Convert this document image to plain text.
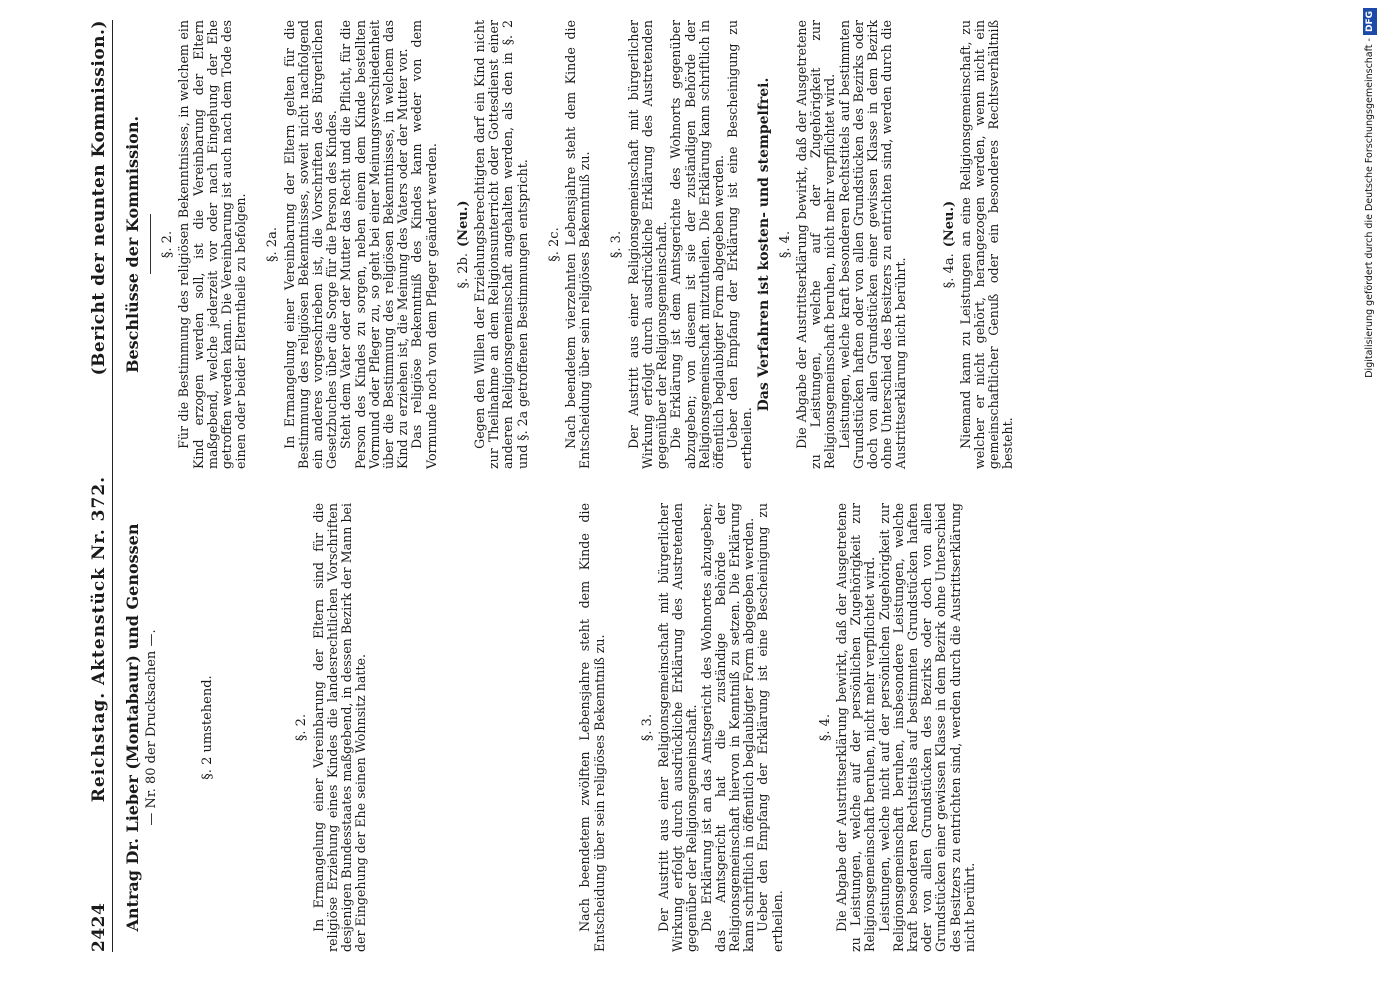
2424
Reichstag. Aktenstück Nr. 372.
(Bericht der neunten Kommission.)
Antrag Dr. Lieber (Montabaur) und Genossen — Nr. 80 der Drucksachen —.	§. 2 umstehend.	§. 2. In Ermangelung einer Vereinbarung der Eltern sind für die religiöse Erziehung eines Kindes die landesrechtlichen Vorschriften desjenigen Bundesstaates maßgebend, in dessen Bezirk der Mann bei der Eingehung der Ehe seinen Wohnsitz hatte.	Nach beendetem zwölften Lebensjahre steht dem Kinde die Entscheidung über sein religiöses Bekenntniß zu.	§. 3. Der Austritt aus einer Religionsgemeinschaft mit bürgerlicher Wirkung erfolgt durch ausdrückliche Erklärung des Austretenden gegenüber der Religionsgemeinschaft. Die Erklärung ist an das Amtsgericht des Wohnortes abzugeben; das Amtsgericht hat die zuständige Behörde der Religionsgemeinschaft hiervon in Kenntniß zu setzen. Die Erklärung kann schriftlich in öffentlich beglaubigter Form abgegeben werden. Ueber den Empfang der Erklärung ist eine Bescheinigung zu ertheilen.

§. 4. Die Abgabe der Austrittserklärung bewirkt, daß der Ausgetretene zu Leistungen, welche auf der persönlichen Zugehörigkeit zur Religionsgemeinschaft beruhen, nicht mehr verpflichtet wird. Leistungen, welche nicht auf der persönlichen Zugehörigkeit zur Religionsgemeinschaft beruhen, insbesondere Leistungen, welche kraft besonderen Rechtstitels auf bestimmten Grundstücken haften oder von allen Grundstücken des Bezirks oder doch von allen Grundstücken einer gewissen Klasse in dem Bezirk ohne Unterschied des Besitzers zu entrichten sind, werden durch die Austrittserklärung nicht berührt.

Beschlüsse der Kommission. §. 2. Für die Bestimmung des religiösen Bekenntnisses, in welchem ein Kind erzogen werden soll, ist die Vereinbarung der Eltern maßgebend, welche jederzeit vor oder nach Eingehung der Ehe getroffen werden kann. Die Vereinbarung ist auch nach dem Tode des einen oder beider Elterntheile zu befolgen. §. 2a. In Ermangelung einer Vereinbarung der Eltern gelten für die Bestimmung des religiösen Bekenntnisses, soweit nicht nachfolgend ein anderes vorgeschrieben ist, die Vorschriften des Bürgerlichen Gesetzbuches über die Sorge für die Person des Kindes. Steht dem Vater oder der Mutter das Recht und die Pflicht, für die Person des Kindes zu sorgen, neben einem dem Kinde bestellten Vormund oder Pfleger zu, so geht bei einer Meinungsverschiedenheit über die Bestimmung des religiösen Bekenntnisses, in welchem das Kind zu erziehen ist, die Meinung des Vaters oder der Mutter vor. Das religiöse Bekenntniß des Kindes kann weder von dem Vormunde noch von dem Pfleger geändert werden. §. 2b.(Neu.) Gegen den Willen der Erziehungsberechtigten darf ein Kind nicht zur Theilnahme an dem Religionsunterricht oder Gottesdienst einer anderen Religionsgemeinschaft angehalten werden, als den in §. 2 und §. 2a getroffenen Bestimmungen entspricht. §. 2c. Nach beendetem vierzehnten Lebensjahre steht dem Kinde die Entscheidung über sein religiöses Bekenntniß zu. §. 3. Der Austritt aus einer Religionsgemeinschaft mit bürgerlicher Wirkung erfolgt durch ausdrückliche Erklärung des Austretenden gegenüber der Religionsgemeinschaft. Die Erklärung ist dem Amtsgerichte des Wohnorts gegenüber abzugeben; von diesem ist sie der zuständigen Behörde der Religionsgemeinschaft mitzutheilen. Die Erklärung kann schriftlich in öffentlich beglaubigter Form abgegeben werden. Ueber den Empfang der Erklärung ist eine Bescheinigung zu ertheilen.

Das Verfahren ist kosten- und stempelfrei. §. 4. Die Abgabe der Austrittserklärung bewirkt, daß der Ausgetretene zu Leistungen, welche auf der Zugehörigkeit zur Religionsgemeinschaft beruhen, nicht mehr verpflichtet wird. Leistungen, welche kraft besonderen Rechtstitels auf bestimmten Grundstücken haften oder von allen Grundstücken des Bezirks oder doch von allen Grundstücken einer gewissen Klasse in dem Bezirk ohne Unterschied des Besitzers zu entrichten sind, werden durch die Austrittserklärung nicht berührt.	§. 4a.(Neu.) Niemand kann zu Leistungen an eine Religionsgemeinschaft, zu welcher er nicht gehört, herangezogen werden, wenn nicht ein gemeinschaftlicher Genuß oder ein besonderes Rechtsverhältniß besteht.

Digitalisierung gefördert durch die Deutsche Forschungsgemeinschaft -DFG
